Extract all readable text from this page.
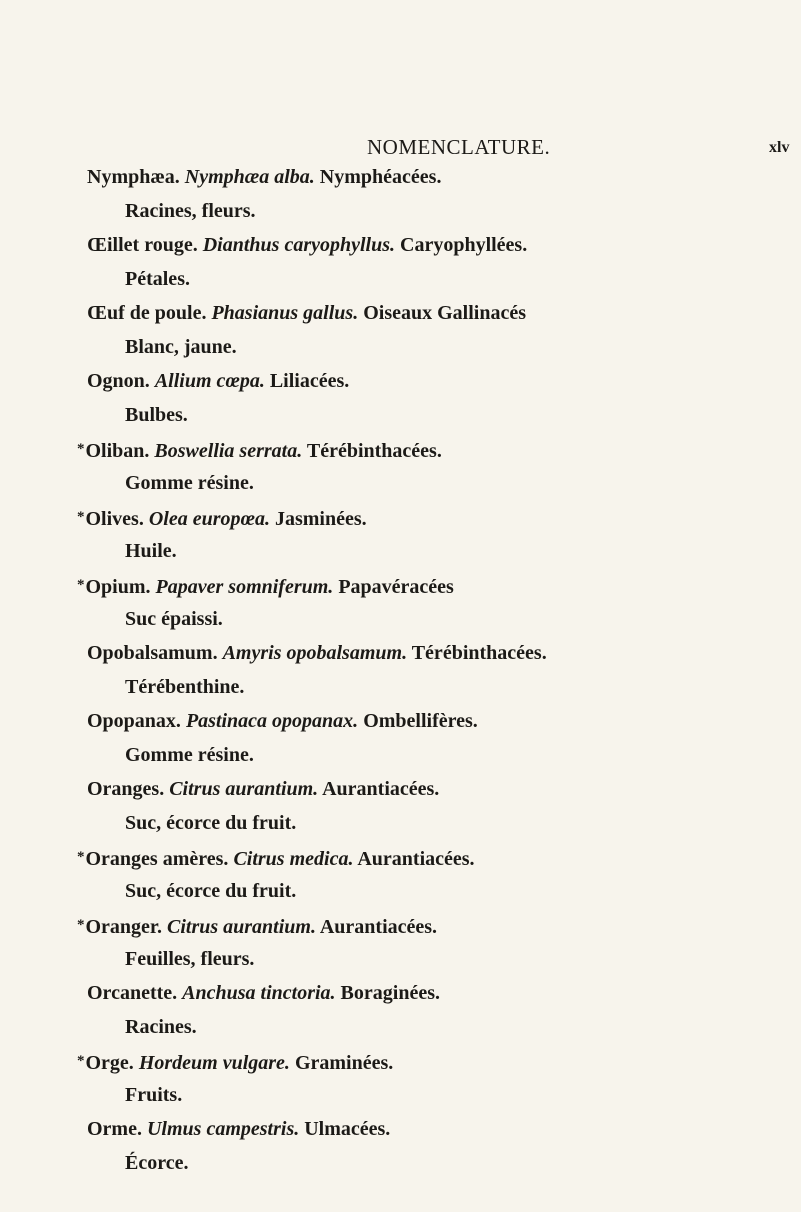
NOMENCLATURE.	xlv
Nymphæa. Nymphæa alba. Nymphéacées.
Racines, fleurs.
Œillet rouge. Dianthus caryophyllus. Caryophyllées.
Pétales.
Œuf de poule. Phasianus gallus. Oiseaux Gallinacés
Blanc, jaune.
Ognon. Allium cœpa. Liliacées.
Bulbes.
*Oliban. Boswellia serrata. Térébinthacées.
Gomme résine.
*Olives. Olea europœa. Jasminées.
Huile.
*Opium. Papaver somniferum. Papavéracées
Suc épaissi.
Opobalsamum. Amyris opobalsamum. Térébinthacées.
Térébenthine.
Opopanax. Pastinaca opopanax. Ombellifères.
Gomme résine.
Oranges. Citrus aurantium. Aurantiacées.
Suc, écorce du fruit.
*Oranges amères. Citrus medica. Aurantiacées.
Suc, écorce du fruit.
*Oranger. Citrus aurantium. Aurantiacées.
Feuilles, fleurs.
Orcanette. Anchusa tinctoria. Boraginées.
Racines.
*Orge. Hordeum vulgare. Graminées.
Fruits.
Orme. Ulmus campestris. Ulmacées.
Écorce.
